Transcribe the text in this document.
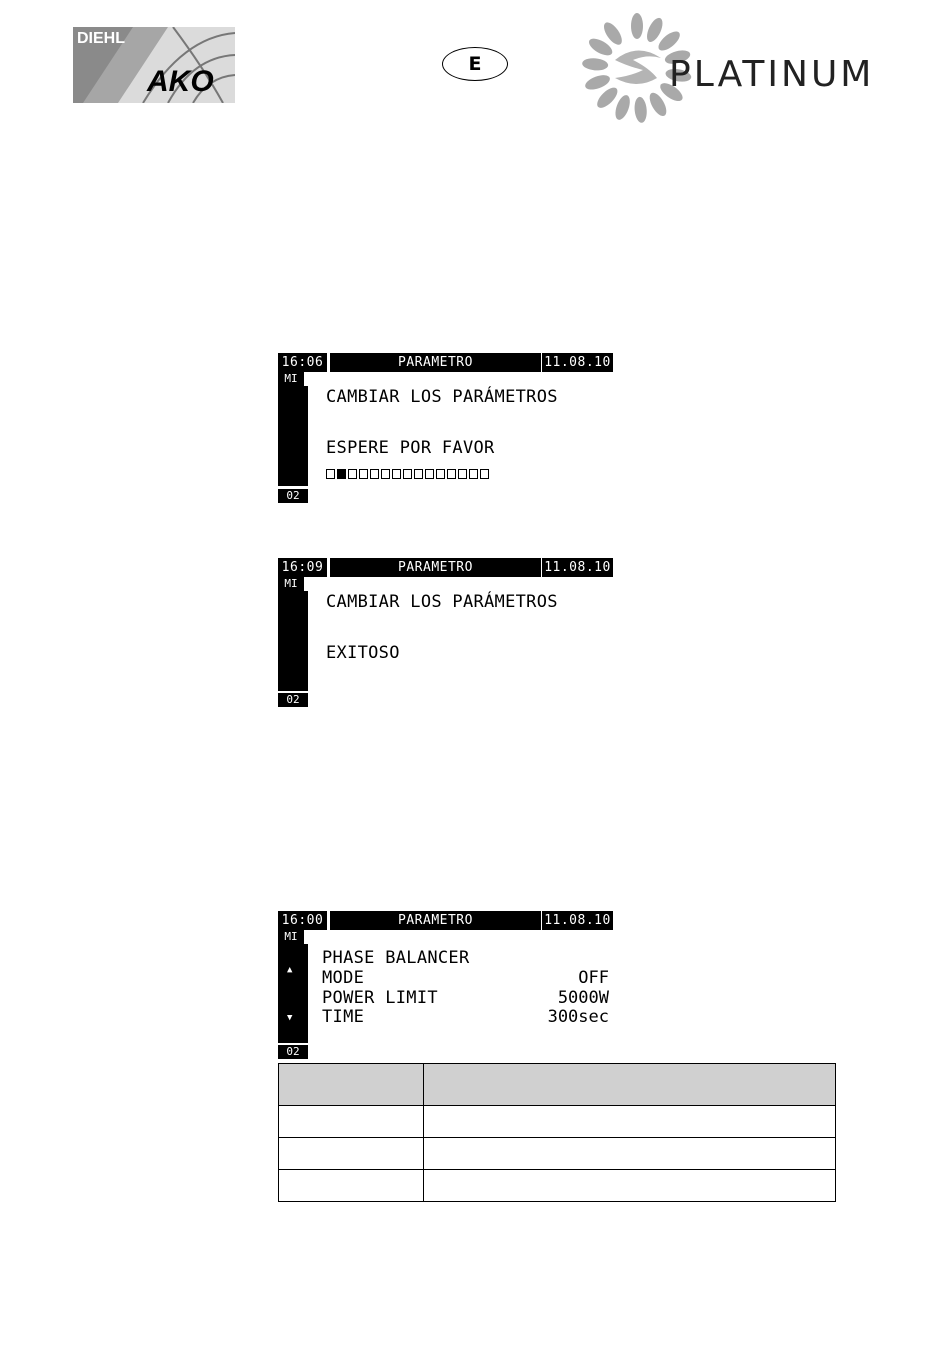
DIEHL
AKO
E	PLATINUM
16:06	PARAMETRO	11.08.10
MI
02
CAMBIAR LOS PARÁMETROS
ESPERE POR FAVOR
16:09	PARAMETRO	11.08.10
MI
02
CAMBIAR LOS PARÁMETROS
EXITOSO
16:00	PARAMETRO	11.08.10
MI
▲
▼
02
PHASE BALANCER
MODE	OFF
POWER LIMIT	5000W
TIME	300sec
